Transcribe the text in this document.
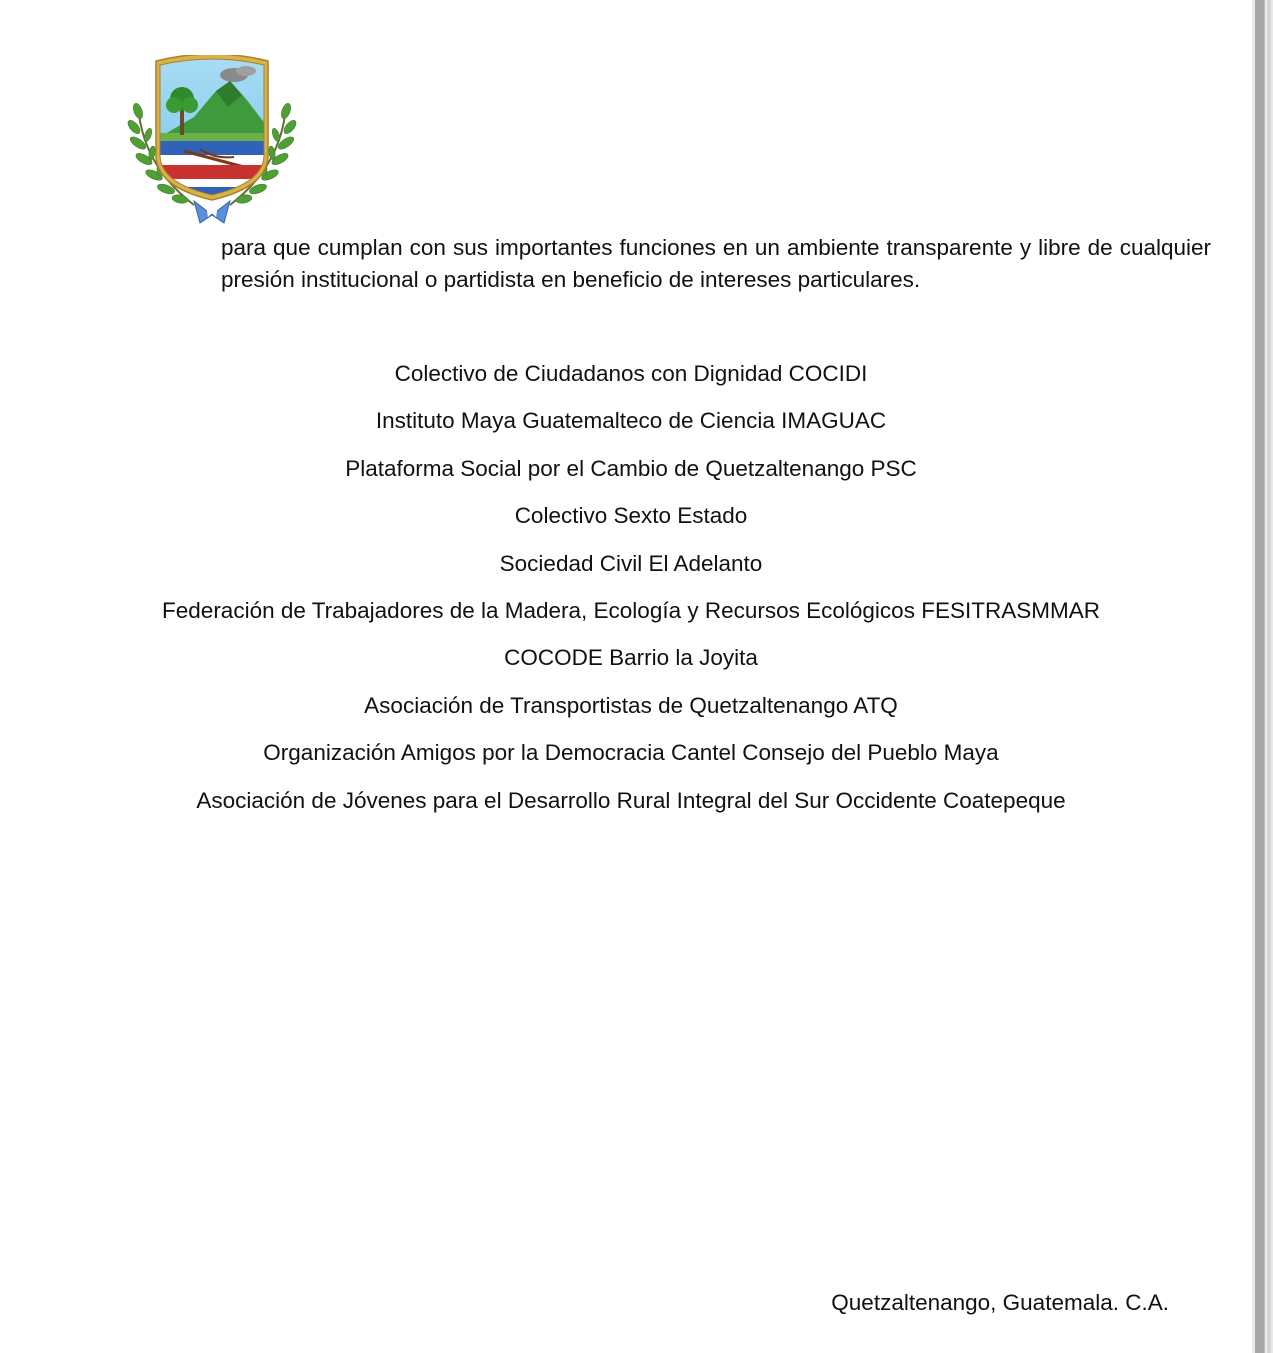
para que cumplan con sus importantes funciones en un ambiente transparente y libre de cualquier presión institucional o partidista en beneficio de intereses particulares.

Colectivo de Ciudadanos con Dignidad COCIDI
Instituto Maya Guatemalteco de Ciencia IMAGUAC
Plataforma Social por el Cambio de Quetzaltenango PSC
Colectivo Sexto Estado
Sociedad Civil El Adelanto
Federación de Trabajadores de la Madera, Ecología y Recursos Ecológicos FESITRASMMAR
COCODE Barrio la Joyita
Asociación de Transportistas de Quetzaltenango ATQ
Organización Amigos por la Democracia Cantel Consejo del Pueblo Maya
Asociación de Jóvenes para el Desarrollo Rural Integral del Sur Occidente Coatepeque
Quetzaltenango, Guatemala. C.A.
